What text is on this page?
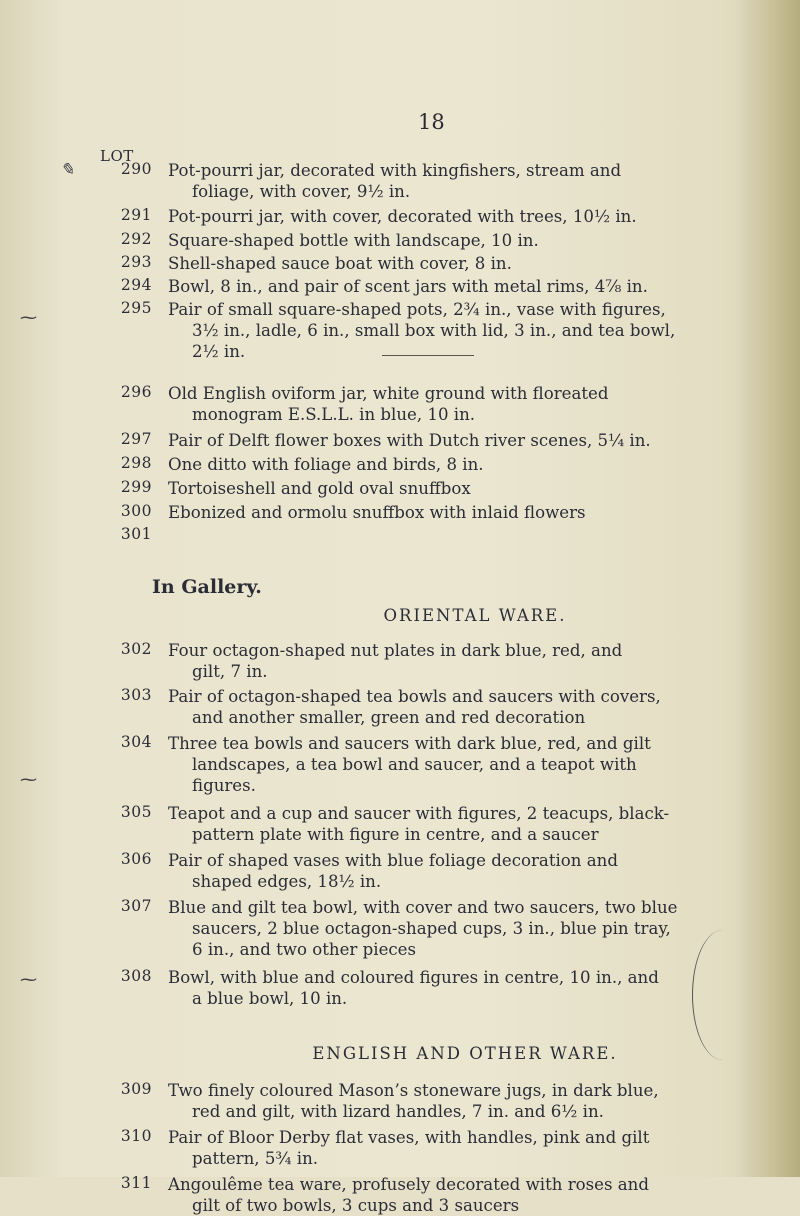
18
LOT
✎
⁓
⁓
⁓
290 Pot-pourri jar, decorated with kingfishers, stream and
foliage, with cover, 9½ in.
291 Pot-pourri jar, with cover, decorated with trees, 10½ in.
292 Square-shaped bottle with landscape, 10 in.
293 Shell-shaped sauce boat with cover, 8 in.
294 Bowl, 8 in., and pair of scent jars with metal rims, 4⅞ in.
295 Pair of small square-shaped pots, 2¾ in., vase with figures,
3½ in., ladle, 6 in., small box with lid, 3 in., and tea bowl,
2½ in.
296 Old English oviform jar, white ground with floreated
monogram E.S.L.L. in blue, 10 in.
297 Pair of Delft flower boxes with Dutch river scenes, 5¼ in.
298 One ditto with foliage and birds, 8 in.
299 Tortoiseshell and gold oval snuffbox
300 Ebonized and ormolu snuffbox with inlaid flowers
301
In Gallery.
ORIENTAL WARE.
302 Four octagon-shaped nut plates in dark blue, red, and
gilt, 7 in.
303 Pair of octagon-shaped tea bowls and saucers with covers,
and another smaller, green and red decoration
304 Three tea bowls and saucers with dark blue, red, and gilt
landscapes, a tea bowl and saucer, and a teapot with
figures.
305 Teapot and a cup and saucer with figures, 2 teacups, black-
pattern plate with figure in centre, and a saucer
306 Pair of shaped vases with blue foliage decoration and
shaped edges, 18½ in.
307 Blue and gilt tea bowl, with cover and two saucers, two blue
saucers, 2 blue octagon-shaped cups, 3 in., blue pin tray,
6 in., and two other pieces
308 Bowl, with blue and coloured figures in centre, 10 in., and
a blue bowl, 10 in.
ENGLISH AND OTHER WARE.
309 Two finely coloured Mason’s stoneware jugs, in dark blue,
red and gilt, with lizard handles, 7 in. and 6½ in.
310 Pair of Bloor Derby flat vases, with handles, pink and gilt
pattern, 5¾ in.
311 Angoulême tea ware, profusely decorated with roses and
gilt of two bowls, 3 cups and 3 saucers
